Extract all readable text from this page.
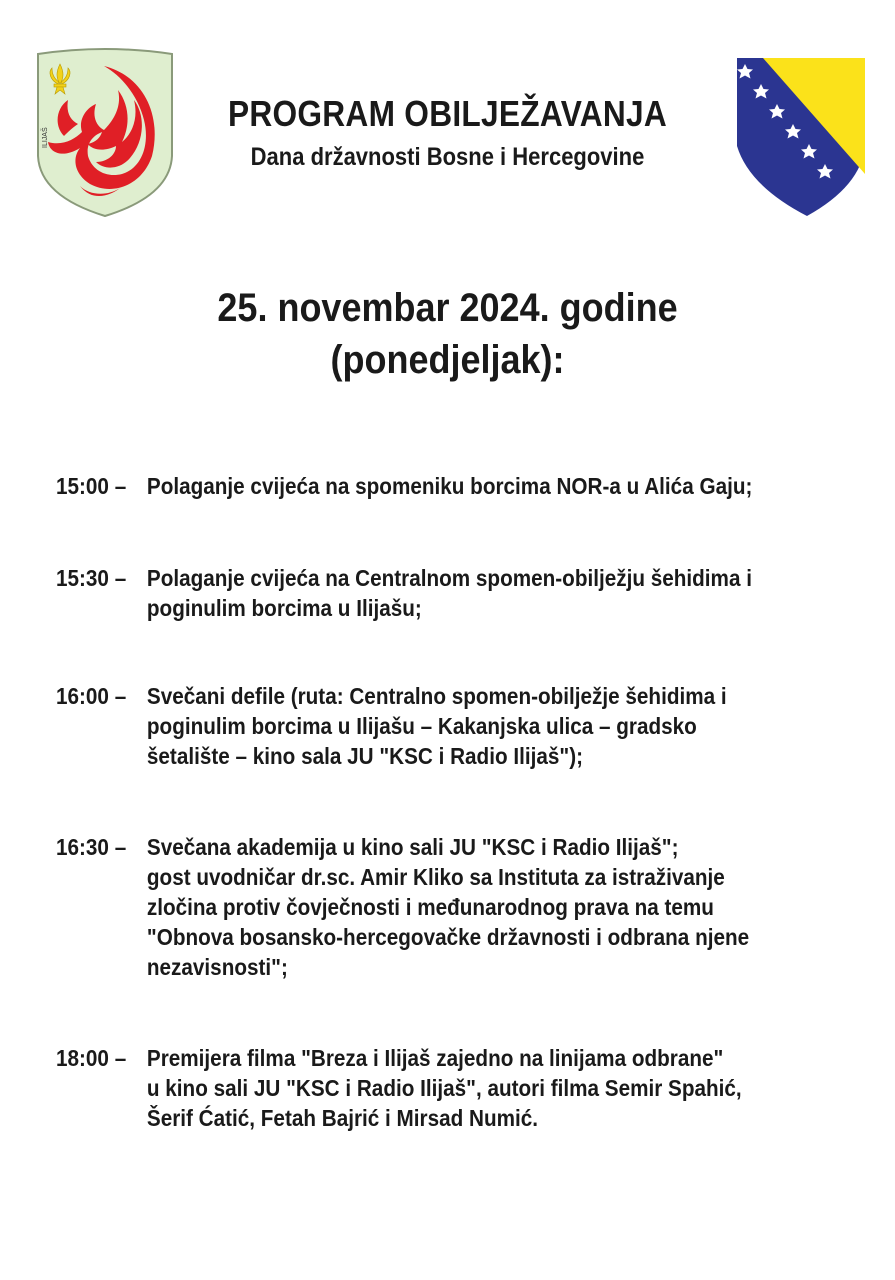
ILIJAŠ
PROGRAM OBILJEŽAVANJA
Dana državnosti Bosne i Hercegovine
25. novembar 2024. godine
(ponedjeljak):
15:00 – Polaganje cvijeća na spomeniku borcima NOR-a u Alića Gaju;
15:30 – Polaganje cvijeća na Centralnom spomen-obilježju šehidima i
poginulim borcima u Ilijašu;
16:00 – Svečani defile (ruta: Centralno spomen-obilježje šehidima i
poginulim borcima u Ilijašu – Kakanjska ulica – gradsko
šetalište – kino sala JU "KSC i Radio Ilijaš");
16:30 – Svečana akademija u kino sali JU "KSC i Radio Ilijaš";
gost uvodničar dr.sc. Amir Kliko sa Instituta za istraživanje
zločina protiv čovječnosti i međunarodnog prava na temu
"Obnova bosansko-hercegovačke državnosti i odbrana njene
nezavisnosti";
18:00 – Premijera filma "Breza i Ilijaš zajedno na linijama odbrane"
u kino sali JU "KSC i Radio Ilijaš", autori filma Semir Spahić,
Šerif Ćatić, Fetah Bajrić i Mirsad Numić.
